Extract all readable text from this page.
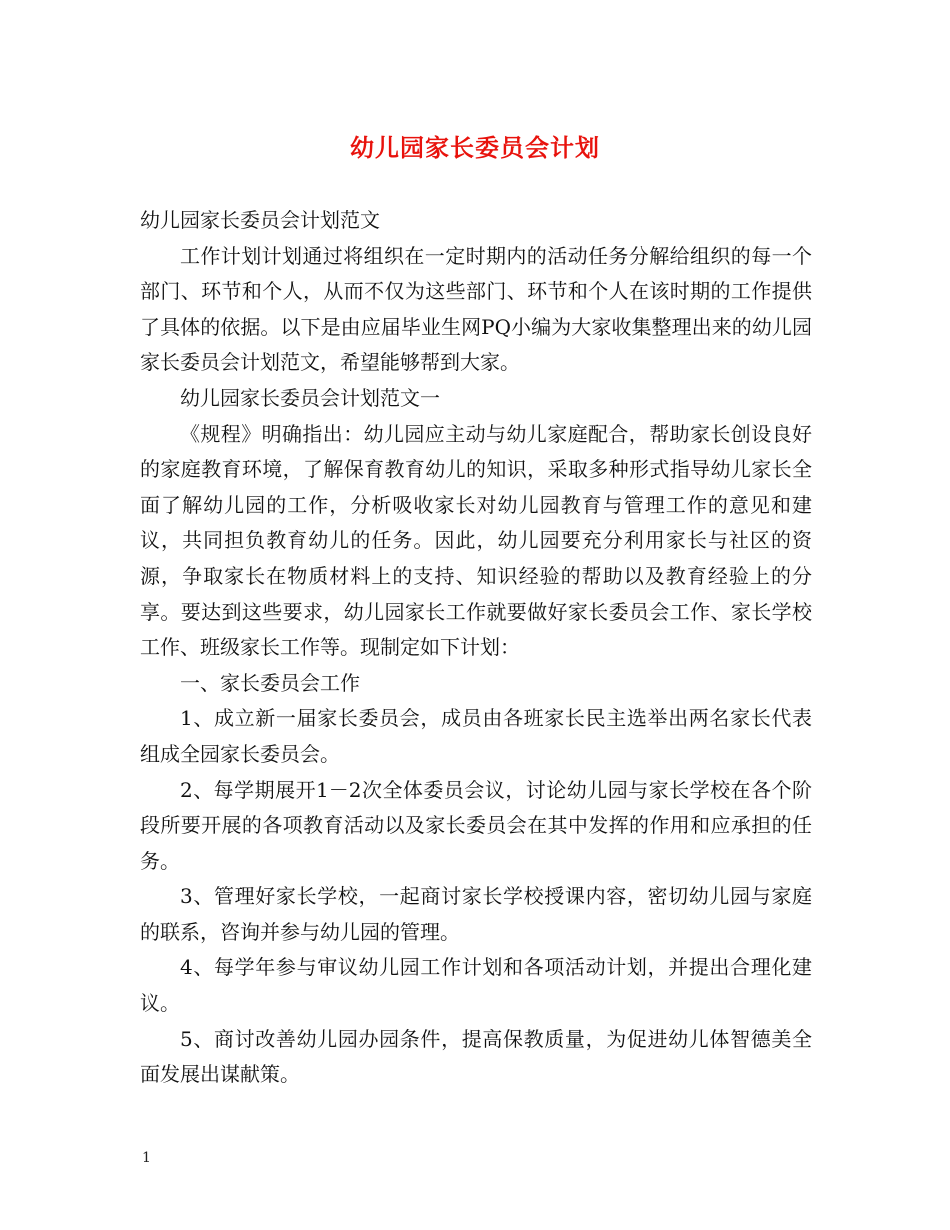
幼儿园家长委员会计划

幼儿园家长委员会计划范文

工作计划计划通过将组织在一定时期内的活动任务分解给组织的每一个部门、环节和个人，从而不仅为这些部门、环节和个人在该时期的工作提供了具体的依据。以下是由应届毕业生网PQ小编为大家收集整理出来的幼儿园家长委员会计划范文，希望能够帮到大家。

幼儿园家长委员会计划范文一

《规程》明确指出：幼儿园应主动与幼儿家庭配合，帮助家长创设良好的家庭教育环境，了解保育教育幼儿的知识，采取多种形式指导幼儿家长全面了解幼儿园的工作，分析吸收家长对幼儿园教育与管理工作的意见和建议，共同担负教育幼儿的任务。因此，幼儿园要充分利用家长与社区的资源，争取家长在物质材料上的支持、知识经验的帮助以及教育经验上的分享。要达到这些要求，幼儿园家长工作就要做好家长委员会工作、家长学校工作、班级家长工作等。现制定如下计划：

一、家长委员会工作

1、成立新一届家长委员会，成员由各班家长民主选举出两名家长代表组成全园家长委员会。

2、每学期展开1－2次全体委员会议，讨论幼儿园与家长学校在各个阶段所要开展的各项教育活动以及家长委员会在其中发挥的作用和应承担的任务。

3、管理好家长学校，一起商讨家长学校授课内容，密切幼儿园与家庭的联系，咨询并参与幼儿园的管理。

4、每学年参与审议幼儿园工作计划和各项活动计划，并提出合理化建议。

5、商讨改善幼儿园办园条件，提高保教质量，为促进幼儿体智德美全面发展出谋献策。

1
